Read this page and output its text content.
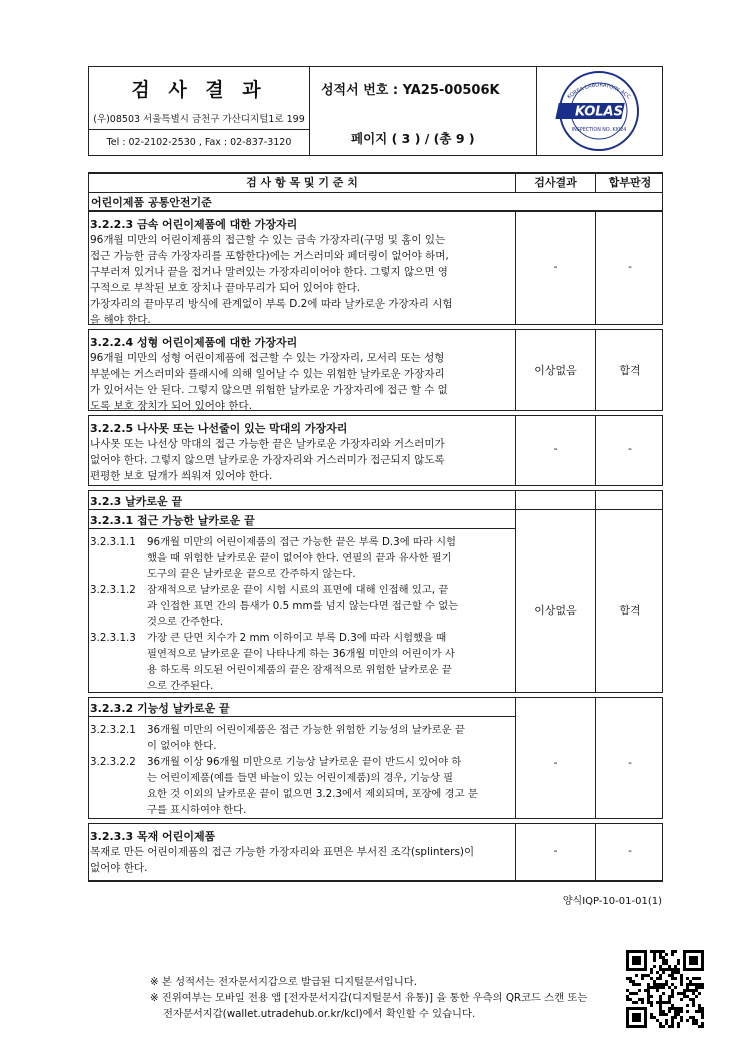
검 사 결 과
(우)08503 서울특별시 금천구 가산디지털1로 199
Tel : 02-2102-2530 , Fax : 02-837-3120
성적서 번호 : YA25-00506K
페이지 ( 3 ) / (총 9 )
KOLAS
KOREA LABORATORY ACC
INSPECTION NO. KI024
검 사 항 목 및 기 준 치	검사결과	합부판정
어린이제품 공통안전기준
3.2.2.3 금속 어린이제품에 대한 가장자리
96개월 미만의 어린이제품의 접근할 수 있는 금속 가장자리(구멍 및 홈이 있는
접근 가능한 금속 가장자리를 포함한다)에는 거스러미와 페더링이 없어야 하며,
구부러져 있거나 끝을 접거나 말려있는 가장자리이어야 한다. 그렇지 않으면 영
구적으로 부착된 보호 장치나 끝마무리가 되어 있어야 한다.
가장자리의 끝마무리 방식에 관계없이 부록 D.2에 따라 날카로운 가장자리 시험
을 해야 한다.
-	-
3.2.2.4 성형 어린이제품에 대한 가장자리
96개월 미만의 성형 어린이제품에 접근할 수 있는 가장자리, 모서리 또는 성형
부분에는 거스러미와 플래시에 의해 일어날 수 있는 위험한 날카로운 가장자리
가 있어서는 안 된다. 그렇지 않으면 위험한 날카로운 가장자리에 접근 할 수 없
도록 보호 장치가 되어 있어야 한다.
이상없음	합격
3.2.2.5 나사못 또는 나선줄이 있는 막대의 가장자리
나사못 또는 나선상 막대의 접근 가능한 끝은 날카로운 가장자리와 거스러미가
없어야 한다. 그렇지 않으면 날카로운 가장자리와 거스러미가 접근되지 않도록
편평한 보호 덮개가 씌워져 있어야 한다.
-	-
3.2.3 날카로운 끝
3.2.3.1 접근 가능한 날카로운 끝
3.2.3.1.1 96개월 미만의 어린이제품의 접근 가능한 끝은 부록 D.3에 따라 시험
했을 때 위험한 날카로운 끝이 없어야 한다. 연필의 끝과 유사한 필기
도구의 끝은 날카로운 끝으로 간주하지 않는다.
3.2.3.1.2 잠재적으로 날카로운 끝이 시험 시료의 표면에 대해 인접해 있고, 끝
과 인접한 표면 간의 틈새가 0.5 mm를 넘지 않는다면 접근할 수 없는
것으로 간주한다.
3.2.3.1.3 가장 큰 단면 치수가 2 mm 이하이고 부록 D.3에 따라 시험했을 때
필연적으로 날카로운 끝이 나타나게 하는 36개월 미만의 어린이가 사
용 하도록 의도된 어린이제품의 끝은 잠재적으로 위험한 날카로운 끝
으로 간주된다.
이상없음	합격
3.2.3.2 기능성 날카로운 끝
3.2.3.2.1 36개월 미만의 어린이제품은 접근 가능한 위험한 기능성의 날카로운 끝
이 없어야 한다.
3.2.3.2.2 36개월 이상 96개월 미만으로 기능상 날카로운 끝이 반드시 있어야 하
는 어린이제품(예를 들면 바늘이 있는 어린이제품)의 경우, 기능상 필
요한 것 이외의 날카로운 끝이 없으면 3.2.3에서 제외되며, 포장에 경고 문
구를 표시하여야 한다.
-	-
3.2.3.3 목재 어린이제품
목재로 만든 어린이제품의 접근 가능한 가장자리와 표면은 부서진 조각(splinters)이
없어야 한다.
-	-
양식IQP-10-01-01(1)
※ 본 성적서는 전자문서지갑으로 발급된 디지털문서입니다.
※ 진위여부는 모바일 전용 앱 [전자문서지갑(디지털문서 유통)] 을 통한 우측의 QR코드 스캔 또는
전자문서지갑(wallet.utradehub.or.kr/kcl)에서 확인할 수 있습니다.
